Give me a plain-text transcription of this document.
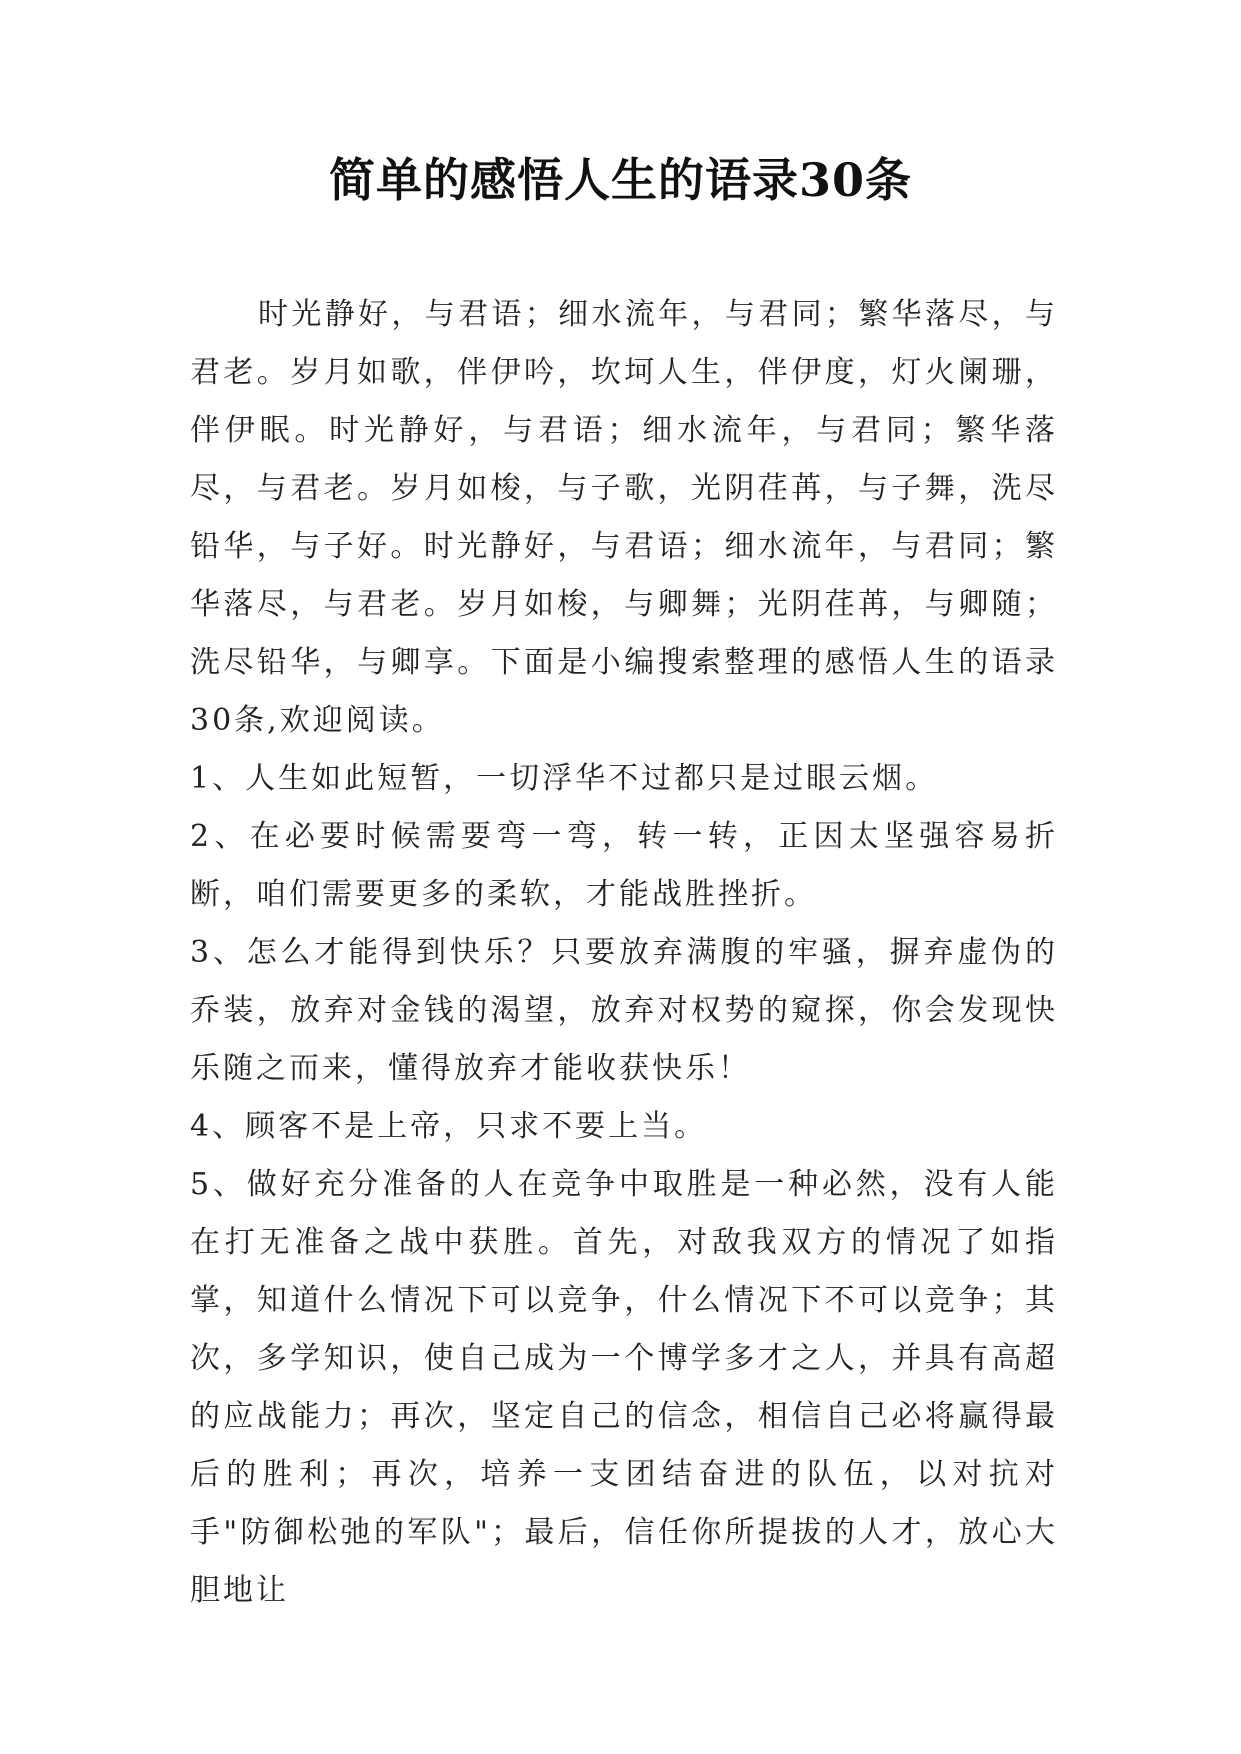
简单的感悟人生的语录30条

时光静好，与君语；细水流年，与君同；繁华落尽，与君老。岁月如歌，伴伊吟，坎坷人生，伴伊度，灯火阑珊，伴伊眠。时光静好，与君语；细水流年，与君同；繁华落尽，与君老。岁月如梭，与子歌，光阴荏苒，与子舞，洗尽铅华，与子好。时光静好，与君语；细水流年，与君同；繁华落尽，与君老。岁月如梭，与卿舞；光阴荏苒，与卿随；洗尽铅华，与卿享。下面是小编搜索整理的感悟人生的语录30条,欢迎阅读。

1、人生如此短暂，一切浮华不过都只是过眼云烟。

2、在必要时候需要弯一弯，转一转，正因太坚强容易折断，咱们需要更多的柔软，才能战胜挫折。

3、怎么才能得到快乐？只要放弃满腹的牢骚，摒弃虚伪的乔装，放弃对金钱的渴望，放弃对权势的窥探，你会发现快乐随之而来，懂得放弃才能收获快乐！

4、顾客不是上帝，只求不要上当。

5、做好充分准备的人在竞争中取胜是一种必然，没有人能在打无准备之战中获胜。首先，对敌我双方的情况了如指掌，知道什么情况下可以竞争，什么情况下不可以竞争；其次，多学知识，使自己成为一个博学多才之人，并具有高超的应战能力；再次，坚定自己的信念，相信自己必将赢得最后的胜利；再次，培养一支团结奋进的队伍，以对抗对手"防御松弛的军队"；最后，信任你所提拔的人才，放心大胆地让
